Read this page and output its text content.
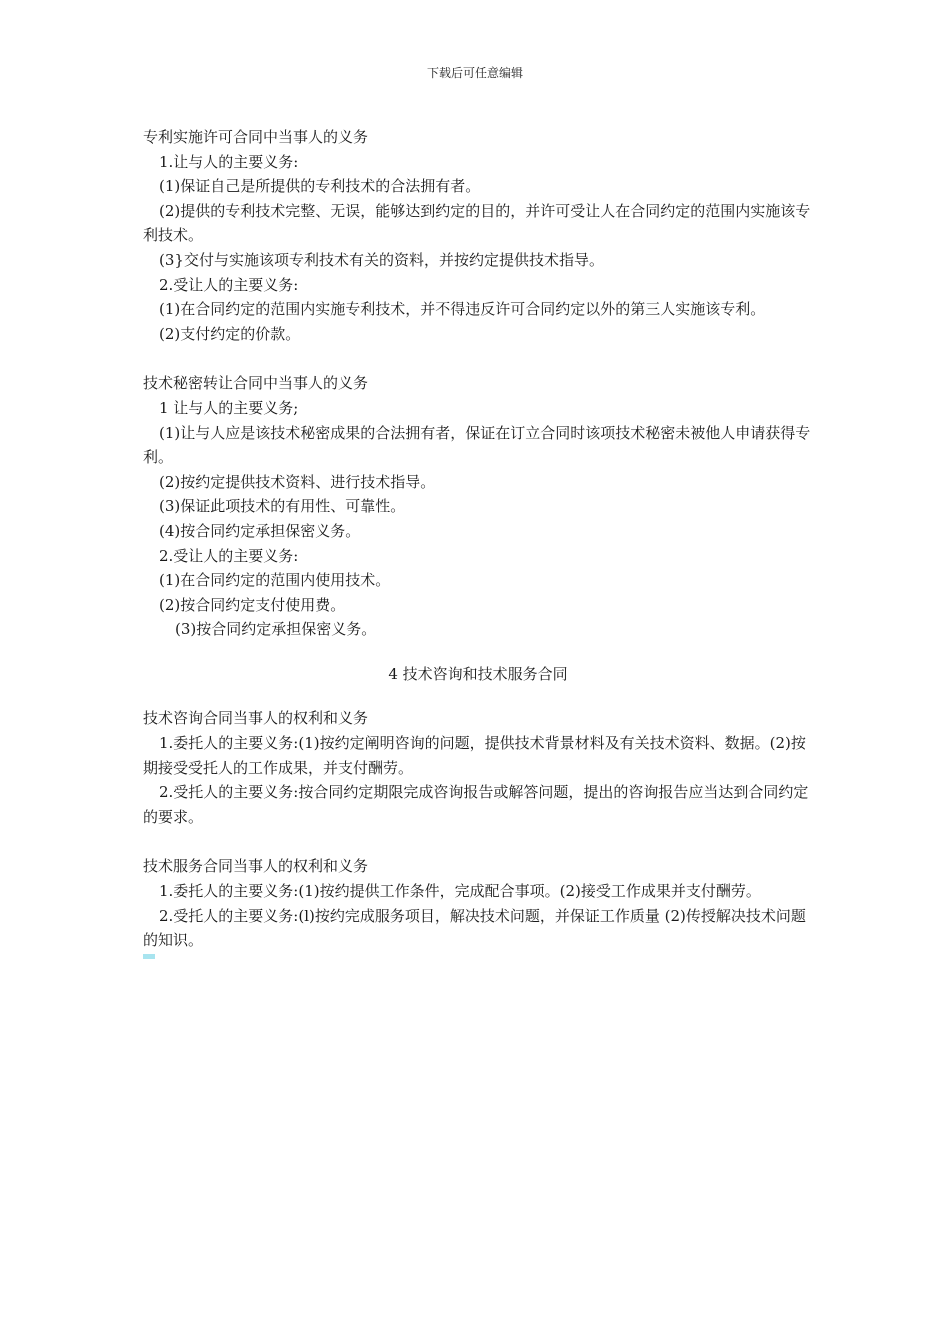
下载后可任意编辑

专利实施许可合同中当事人的义务

1.让与人的主要义务:

(1)保证自己是所提供的专利技术的合法拥有者。

(2)提供的专利技术完整、无误，能够达到约定的目的，并许可受让人在合同约定的范围内实施该专利技术。

(3}交付与实施该项专利技术有关的资料，并按约定提供技术指导。

2.受让人的主要义务:

(1)在合同约定的范围内实施专利技术，并不得违反许可合同约定以外的第三人实施该专利。

(2)支付约定的价款。

技术秘密转让合同中当事人的义务

1 让与人的主要义务;

(1)让与人应是该技术秘密成果的合法拥有者，保证在订立合同时该项技术秘密未被他人申请获得专利。

(2)按约定提供技术资料、进行技术指导。

(3)保证此项技术的有用性、可靠性。

(4)按合同约定承担保密义务。

2.受让人的主要义务:

(1)在合同约定的范围内使用技术。

(2)按合同约定支付使用费。

(3)按合同约定承担保密义务。

4 技术咨询和技术服务合同

技术咨询合同当事人的权利和义务

1.委托人的主要义务:(1)按约定阐明咨询的问题，提供技术背景材料及有关技术资料、数据。(2)按期接受受托人的工作成果，并支付酬劳。

2.受托人的主要义务:按合同约定期限完成咨询报告或解答问题，提出的咨询报告应当达到合同约定的要求。

技术服务合同当事人的权利和义务

1.委托人的主要义务:(1)按约提供工作条件，完成配合事项。(2)接受工作成果并支付酬劳。

2.受托人的主要义务:(l)按约完成服务项目，解决技术问题，并保证工作质量 (2)传授解决技术问题的知识。
